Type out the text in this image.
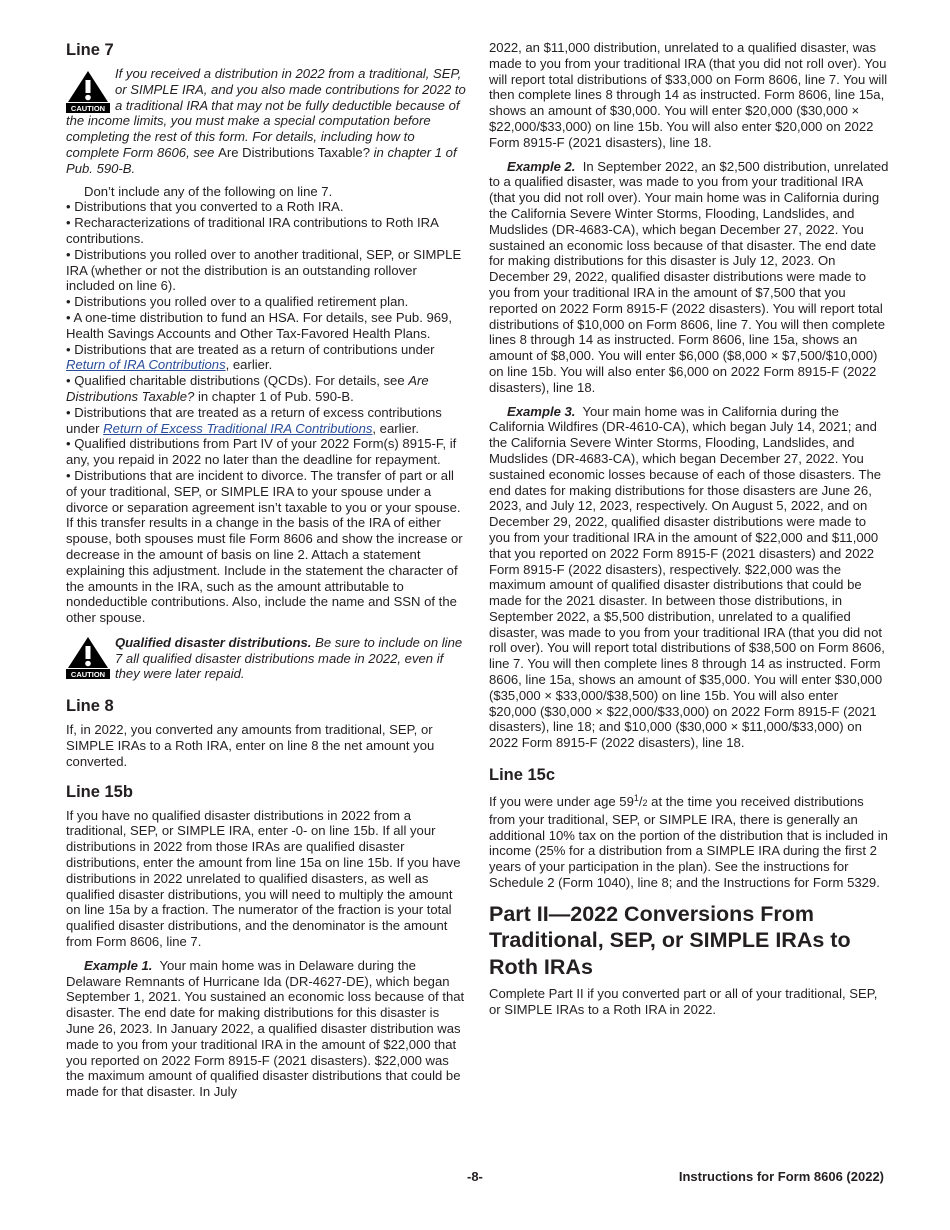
Line 7
CAUTION

If you received a distribution in 2022 from a traditional, SEP, or SIMPLE IRA, and you also made contributions for 2022 to a traditional IRA that may not be fully deductible because of the income limits, you must make a special computation before completing the rest of this form. For details, including how to complete Form 8606, see Are Distributions Taxable? in chapter 1 of Pub. 590-B.

Don’t include any of the following on line 7.

• Distributions that you converted to a Roth IRA.
• Recharacterizations of traditional IRA contributions to Roth IRA contributions.
• Distributions you rolled over to another traditional, SEP, or SIMPLE IRA (whether or not the distribution is an outstanding rollover included on line 6).
• Distributions you rolled over to a qualified retirement plan.
• A one-time distribution to fund an HSA. For details, see Pub. 969, Health Savings Accounts and Other Tax-Favored Health Plans.
• Distributions that are treated as a return of contributions under Return of IRA Contributions, earlier.
• Qualified charitable distributions (QCDs). For details, see Are Distributions Taxable? in chapter 1 of Pub. 590-B.
• Distributions that are treated as a return of excess contributions under Return of Excess Traditional IRA Contributions, earlier.
• Qualified distributions from Part IV of your 2022 Form(s) 8915-F, if any, you repaid in 2022 no later than the deadline for repayment.
• Distributions that are incident to divorce. The transfer of part or all of your traditional, SEP, or SIMPLE IRA to your spouse under a divorce or separation agreement isn’t taxable to you or your spouse. If this transfer results in a change in the basis of the IRA of either spouse, both spouses must file Form 8606 and show the increase or decrease in the amount of basis on line 2. Attach a statement explaining this adjustment. Include in the statement the character of the amounts in the IRA, such as the amount attributable to nondeductible contributions. Also, include the name and SSN of the other spouse.
CAUTION

Qualified disaster distributions. Be sure to include on line 7 all qualified disaster distributions made in 2022, even if they were later repaid.

Line 8

If, in 2022, you converted any amounts from traditional, SEP, or SIMPLE IRAs to a Roth IRA, enter on line 8 the net amount you converted.

Line 15b

If you have no qualified disaster distributions in 2022 from a traditional, SEP, or SIMPLE IRA, enter -0- on line 15b. If all your distributions in 2022 from those IRAs are qualified disaster distributions, enter the amount from line 15a on line 15b. If you have distributions in 2022 unrelated to qualified disasters, as well as qualified disaster distributions, you will need to multiply the amount on line 15a by a fraction. The numerator of the fraction is your total qualified disaster distributions, and the denominator is the amount from Form 8606, line 7.

Example 1. Your main home was in Delaware during the Delaware Remnants of Hurricane Ida (DR-4627-DE), which began September 1, 2021. You sustained an economic loss because of that disaster. The end date for making distributions for this disaster is June 26, 2023. In January 2022, a qualified disaster distribution was made to you from your traditional IRA in the amount of $22,000 that you reported on 2022 Form 8915-F (2021 disasters). $22,000 was the maximum amount of qualified disaster distributions that could be made for that disaster. In July

2022, an $11,000 distribution, unrelated to a qualified disaster, was made to you from your traditional IRA (that you did not roll over). You will report total distributions of $33,000 on Form 8606, line 7. You will then complete lines 8 through 14 as instructed. Form 8606, line 15a, shows an amount of $30,000. You will enter $20,000 ($30,000 × $22,000/$33,000) on line 15b. You will also enter $20,000 on 2022 Form 8915-F (2021 disasters), line 18.

Example 2. In September 2022, an $2,500 distribution, unrelated to a qualified disaster, was made to you from your traditional IRA (that you did not roll over). Your main home was in California during the California Severe Winter Storms, Flooding, Landslides, and Mudslides (DR-4683-CA), which began December 27, 2022. You sustained an economic loss because of that disaster. The end date for making distributions for this disaster is July 12, 2023. On December 29, 2022, qualified disaster distributions were made to you from your traditional IRA in the amount of $7,500 that you reported on 2022 Form 8915-F (2022 disasters). You will report total distributions of $10,000 on Form 8606, line 7. You will then complete lines 8 through 14 as instructed. Form 8606, line 15a, shows an amount of $8,000. You will enter $6,000 ($8,000 × $7,500/$10,000) on line 15b. You will also enter $6,000 on 2022 Form 8915-F (2022 disasters), line 18.

Example 3. Your main home was in California during the California Wildfires (DR-4610-CA), which began July 14, 2021; and the California Severe Winter Storms, Flooding, Landslides, and Mudslides (DR-4683-CA), which began December 27, 2022. You sustained economic losses because of each of those disasters. The end dates for making distributions for those disasters are June 26, 2023, and July 12, 2023, respectively. On August 5, 2022, and on December 29, 2022, qualified disaster distributions were made to you from your traditional IRA in the amount of $22,000 and $11,000 that you reported on 2022 Form 8915-F (2021 disasters) and 2022 Form 8915-F (2022 disasters), respectively. $22,000 was the maximum amount of qualified disaster distributions that could be made for the 2021 disaster. In between those distributions, in September 2022, a $5,500 distribution, unrelated to a qualified disaster, was made to you from your traditional IRA (that you did not roll over). You will report total distributions of $38,500 on Form 8606, line 7. You will then complete lines 8 through 14 as instructed. Form 8606, line 15a, shows an amount of $35,000. You will enter $30,000 ($35,000 × $33,000/$38,500) on line 15b. You will also enter $20,000 ($30,000 × $22,000/$33,000) on 2022 Form 8915-F (2021 disasters), line 18; and $10,000 ($30,000 × $11,000/$33,000) on 2022 Form 8915-F (2022 disasters), line 18.

Line 15c

If you were under age $59^1/2$ at the time you received distributions from your traditional, SEP, or SIMPLE IRA, there is generally an additional 10% tax on the portion of the distribution that is included in income (25% for a distribution from a SIMPLE IRA during the first 2 years of your participation in the plan). See the instructions for Schedule 2 (Form 1040), line 8; and the Instructions for Form 5329.

Part II—2022 Conversions From Traditional, SEP, or SIMPLE IRAs to Roth IRAs

Complete Part II if you converted part or all of your traditional, SEP, or SIMPLE IRAs to a Roth IRA in 2022.

-8-	Instructions for Form 8606 (2022)
